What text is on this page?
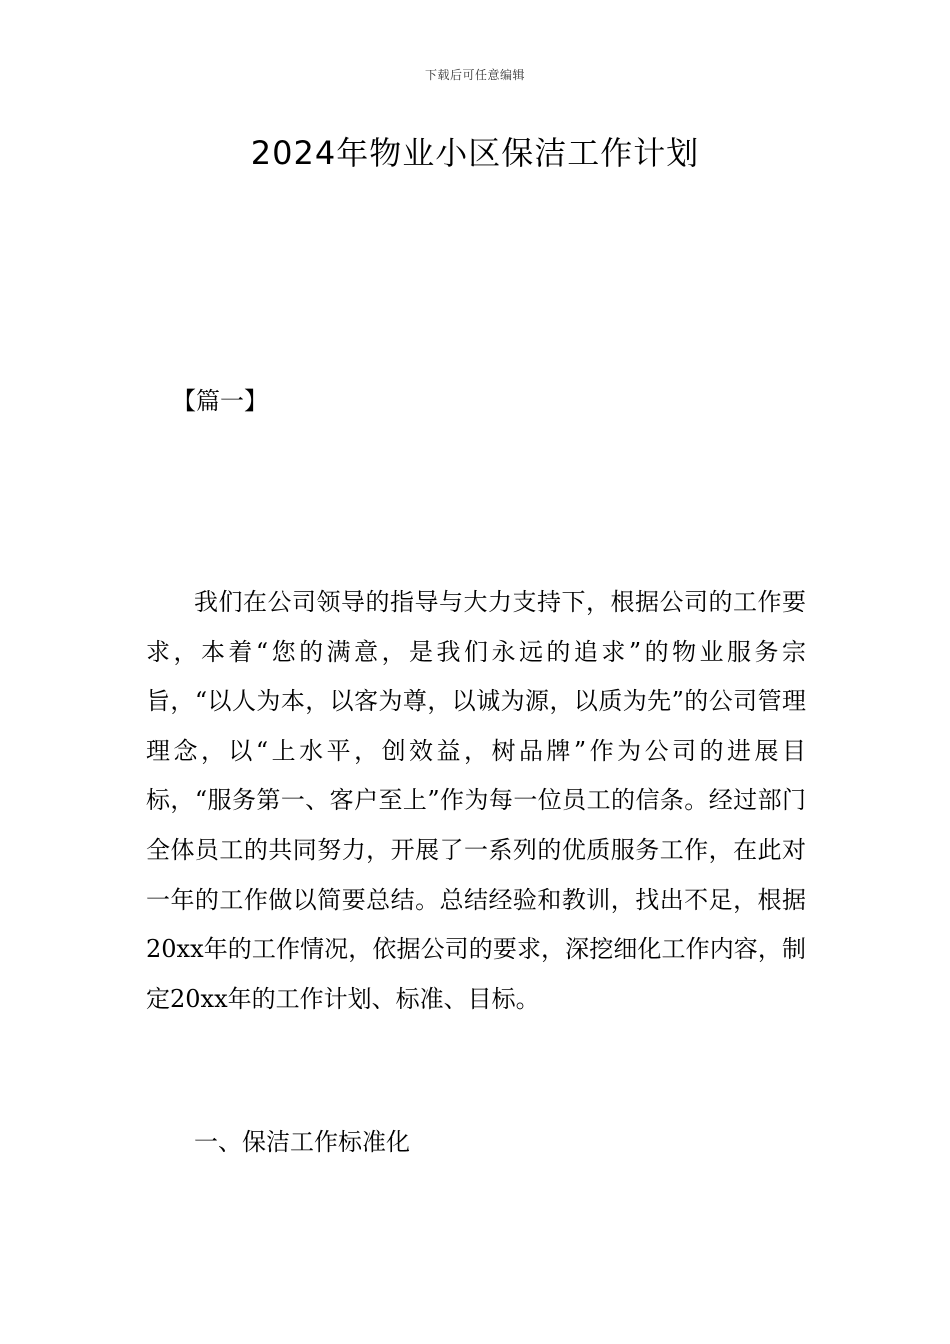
下载后可任意编辑
2024年物业小区保洁工作计划
【篇一】

我们在公司领导的指导与大力支持下，根据公司的工作要求，本着“您的满意，是我们永远的追求”的物业服务宗旨，“以人为本，以客为尊，以诚为源，以质为先”的公司管理理念，以“上水平，创效益，树品牌”作为公司的进展目标，“服务第一、客户至上”作为每一位员工的信条。经过部门全体员工的共同努力，开展了一系列的优质服务工作，在此对一年的工作做以简要总结。总结经验和教训，找出不足，根据20xx年的工作情况，依据公司的要求，深挖细化工作内容，制定20xx年的工作计划、标准、目标。

一、保洁工作标准化
